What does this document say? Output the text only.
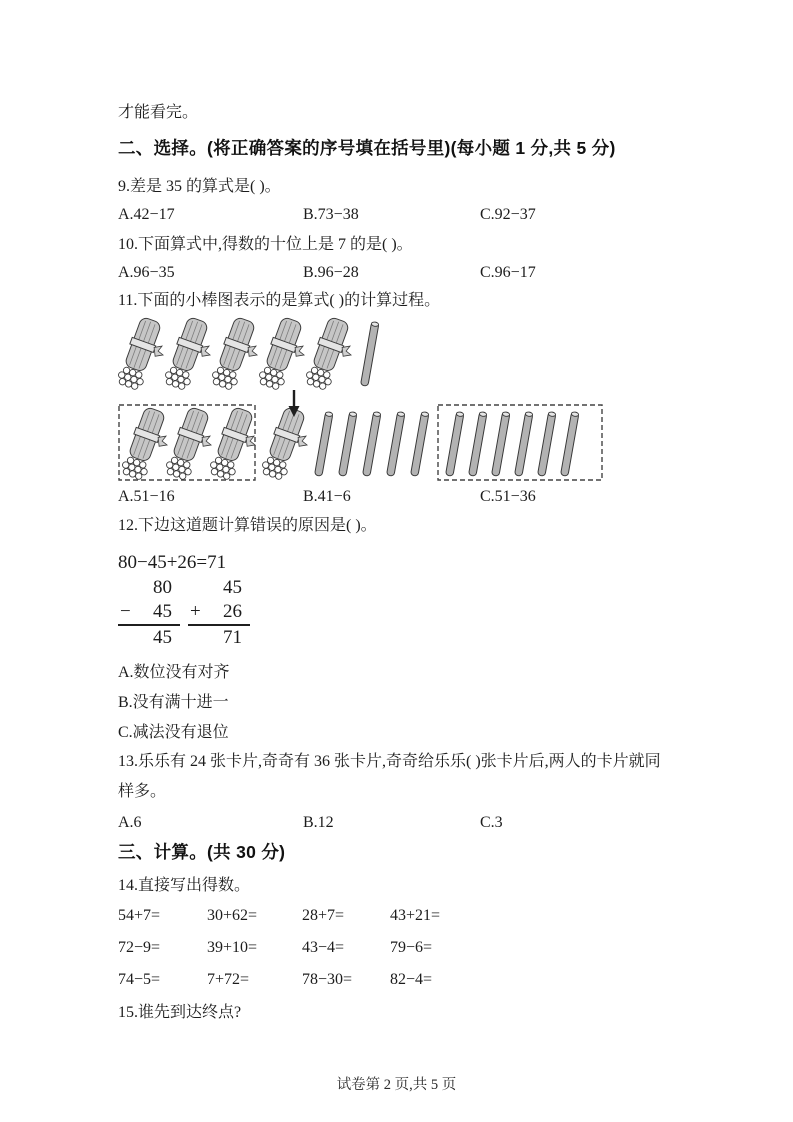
才能看完。

二、选择。(将正确答案的序号填在括号里)(每小题 1 分,共 5 分)

9.差是 35 的算式是( )。

A.42−17	B.73−38	C.92−37

10.下面算式中,得数的十位上是 7 的是( )。

A.96−35	B.96−28	C.96−17

11.下面的小棒图表示的是算式( )的计算过程。

A.51−16	B.41−6	C.51−36

12.下边这道题计算错误的原因是( )。

80−45+26=71

80
− 45
45
45
+ 26
71

A.数位没有对齐

B.没有满十进一

C.减法没有退位

13.乐乐有 24 张卡片,奇奇有 36 张卡片,奇奇给乐乐( )张卡片后,两人的卡片就同

样多。

A.6	B.12	C.3
三、计算。(共 30 分)

14.直接写出得数。

54+7=	30+62=	28+7=	43+21=
72−9=	39+10=	43−4=	79−6=
74−5=	7+72=	78−30=	82−4=

15.谁先到达终点?

试卷第 2 页,共 5 页
